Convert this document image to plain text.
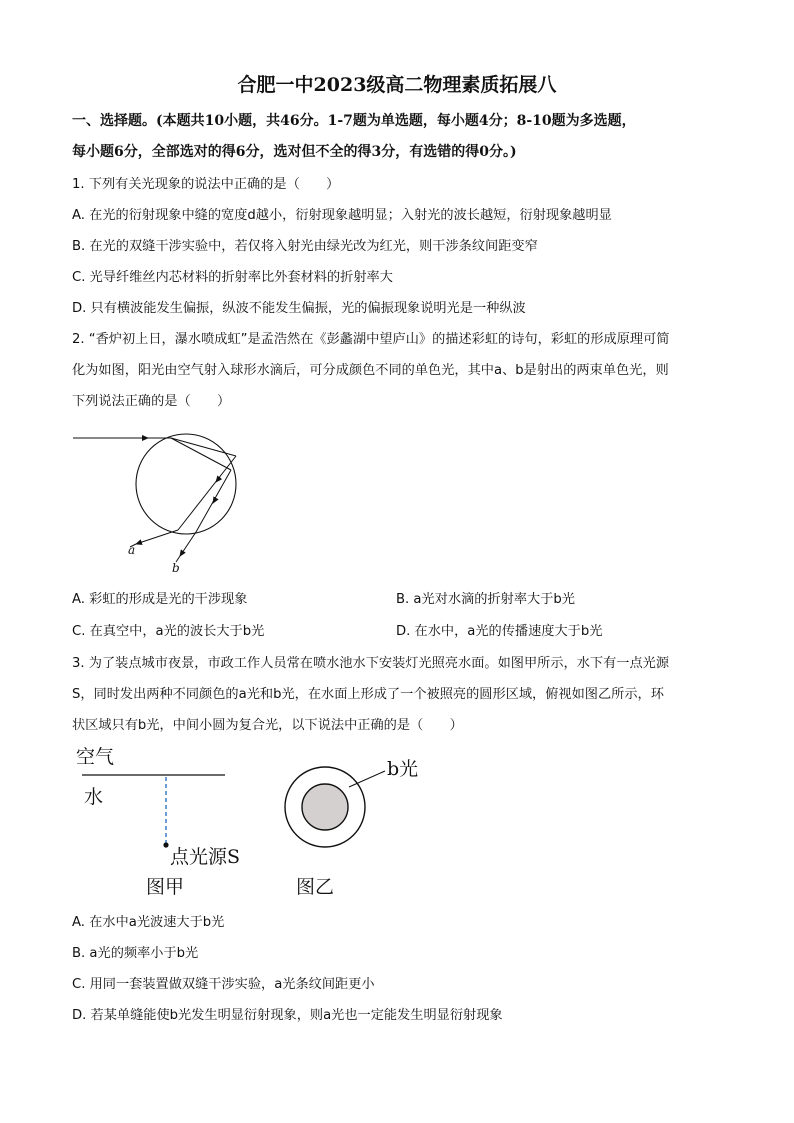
合肥一中2023级高二物理素质拓展八
一、选择题。(本题共10小题，共46分。1-7题为单选题，每小题4分；8-10题为多选题，
每小题6分，全部选对的得6分，选对但不全的得3分，有选错的得0分。)
1. 下列有关光现象的说法中正确的是（　　）
A. 在光的衍射现象中缝的宽度d越小，衍射现象越明显；入射光的波长越短，衍射现象越明显
B. 在光的双缝干涉实验中，若仅将入射光由绿光改为红光，则干涉条纹间距变窄
C. 光导纤维丝内芯材料的折射率比外套材料的折射率大
D. 只有横波能发生偏振，纵波不能发生偏振，光的偏振现象说明光是一种纵波
2. “香炉初上日，瀑水喷成虹”是孟浩然在《彭蠡湖中望庐山》的描述彩虹的诗句，彩虹的形成原理可简
化为如图，阳光由空气射入球形水滴后，可分成颜色不同的单色光，其中a、b是射出的两束单色光，则
下列说法正确的是（　　）
a
b
A. 彩虹的形成是光的干涉现象	B. a光对水滴的折射率大于b光
C. 在真空中，a光的波长大于b光	D. 在水中，a光的传播速度大于b光
3. 为了装点城市夜景，市政工作人员常在喷水池水下安装灯光照亮水面。如图甲所示，水下有一点光源
S，同时发出两种不同颜色的a光和b光，在水面上形成了一个被照亮的圆形区域，俯视如图乙所示，环
状区域只有b光，中间小圆为复合光，以下说法中正确的是（　　）
空气
水
点光源S
图甲
b光
图乙
A. 在水中a光波速大于b光
B. a光的频率小于b光
C. 用同一套装置做双缝干涉实验，a光条纹间距更小
D. 若某单缝能使b光发生明显衍射现象，则a光也一定能发生明显衍射现象
